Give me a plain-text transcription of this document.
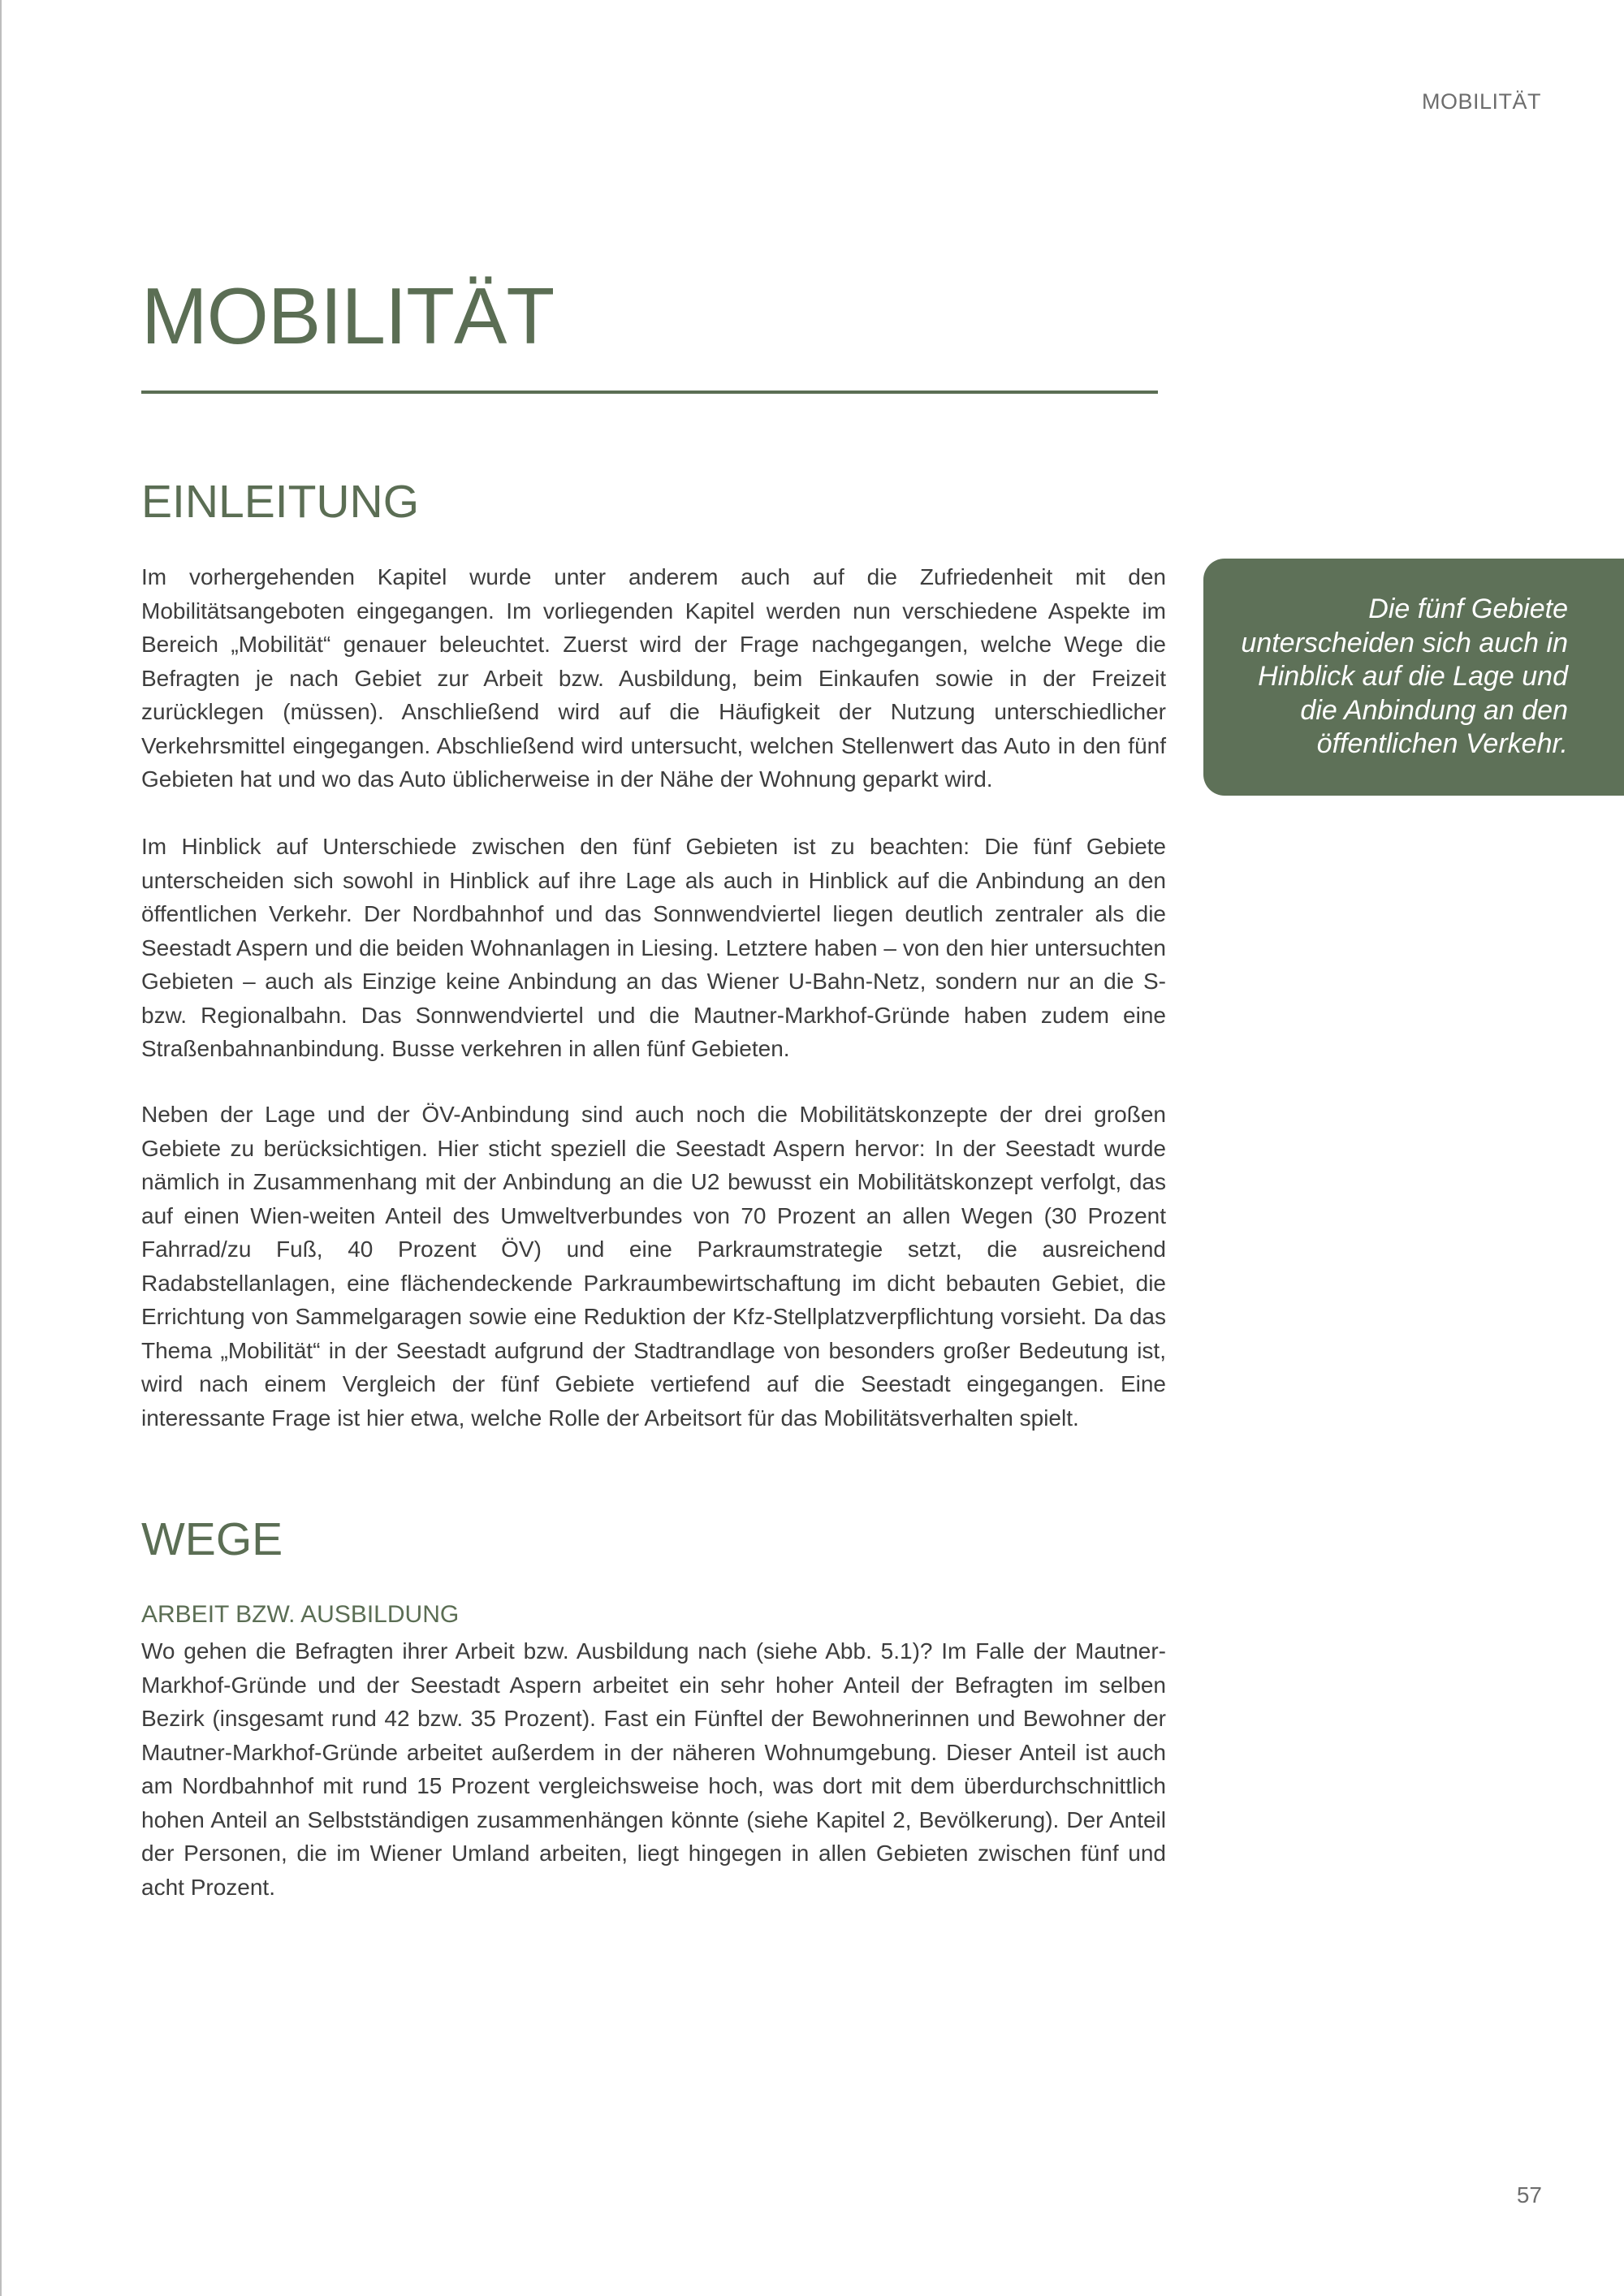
MOBILITÄT
MOBILITÄT
EINLEITUNG

Im vorhergehenden Kapitel wurde unter anderem auch auf die Zufriedenheit mit den Mobilitätsangeboten eingegangen. Im vorliegenden Kapitel werden nun verschiedene Aspekte im Bereich „Mobilität“ genauer beleuchtet. Zuerst wird der Frage nachgegangen, welche Wege die Befragten je nach Gebiet zur Arbeit bzw. Ausbildung, beim Einkaufen sowie in der Freizeit zurücklegen (müssen). Anschließend wird auf die Häufigkeit der Nutzung unterschiedlicher Verkehrsmittel eingegangen. Abschließend wird untersucht, welchen Stellenwert das Auto in den fünf Gebieten hat und wo das Auto üblicherweise in der Nähe der Wohnung geparkt wird.

Im Hinblick auf Unterschiede zwischen den fünf Gebieten ist zu beachten: Die fünf Gebiete unterscheiden sich sowohl in Hinblick auf ihre Lage als auch in Hinblick auf die Anbindung an den öffentlichen Verkehr. Der Nordbahnhof und das Sonnwendviertel liegen deutlich zentraler als die Seestadt Aspern und die beiden Wohnanlagen in Liesing. Letztere haben – von den hier untersuchten Gebieten – auch als Einzige keine Anbindung an das Wiener U-Bahn-Netz, sondern nur an die S- bzw. Regionalbahn. Das Sonnwendviertel und die Mautner-Markhof-Gründe haben zudem eine Straßenbahnanbindung. Busse verkehren in allen fünf Gebieten.

Neben der Lage und der ÖV-Anbindung sind auch noch die Mobilitätskonzepte der drei großen Gebiete zu berücksichtigen. Hier sticht speziell die Seestadt Aspern hervor: In der Seestadt wurde nämlich in Zusammenhang mit der Anbindung an die U2 bewusst ein Mobilitätskonzept verfolgt, das auf einen Wien-weiten Anteil des Umweltverbundes von 70 Prozent an allen Wegen (30 Prozent Fahrrad/zu Fuß, 40 Prozent ÖV) und eine Parkraumstrategie setzt, die ausreichend Radabstellanlagen, eine flächendeckende Parkraumbewirtschaftung im dicht bebauten Gebiet, die Errichtung von Sammelgaragen sowie eine Reduktion der Kfz-Stellplatzverpflichtung vorsieht. Da das Thema „Mobilität“ in der Seestadt aufgrund der Stadtrandlage von besonders großer Bedeutung ist, wird nach einem Vergleich der fünf Gebiete vertiefend auf die Seestadt eingegangen. Eine interessante Frage ist hier etwa, welche Rolle der Arbeitsort für das Mobilitätsverhalten spielt.

Die fünf Gebiete unterscheiden sich auch in Hinblick auf die Lage und die Anbindung an den öffentlichen Verkehr.
WEGE
ARBEIT BZW. AUSBILDUNG

Wo gehen die Befragten ihrer Arbeit bzw. Ausbildung nach (siehe Abb. 5.1)? Im Falle der Mautner-Markhof-Gründe und der Seestadt Aspern arbeitet ein sehr hoher Anteil der Befragten im selben Bezirk (insgesamt rund 42 bzw. 35 Prozent). Fast ein Fünftel der Bewohnerinnen und Bewohner der Mautner-Markhof-Gründe arbeitet außerdem in der näheren Wohnumgebung. Dieser Anteil ist auch am Nordbahnhof mit rund 15 Prozent vergleichsweise hoch, was dort mit dem überdurchschnittlich hohen Anteil an Selbstständigen zusammenhängen könnte (siehe Kapitel 2, Bevölkerung). Der Anteil der Personen, die im Wiener Umland arbeiten, liegt hingegen in allen Gebieten zwischen fünf und acht Prozent.

57
